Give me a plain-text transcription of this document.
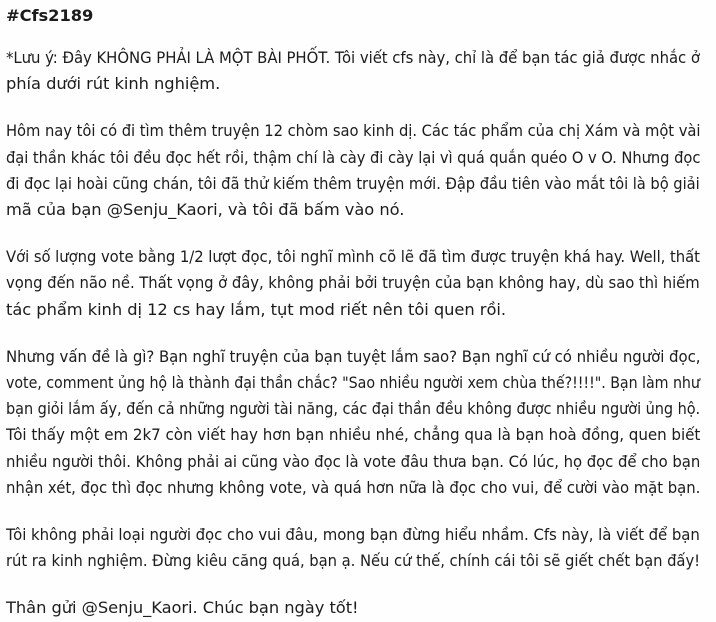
#Cfs2189
*Lưu ý: Đây KHÔNG PHẢI LÀ MỘT BÀI PHỐT. Tôi viết cfs này, chỉ là để bạn tác giả được nhắc ở
phía dưới rút kinh nghiệm.
Hôm nay tôi có đi tìm thêm truyện 12 chòm sao kinh dị. Các tác phẩm của chị Xám và một vài
đại thần khác tôi đều đọc hết rồi, thậm chí là cày đi cày lại vì quá quắn quéo O v O. Nhưng đọc
đi đọc lại hoài cũng chán, tôi đã thử kiếm thêm truyện mới. Đập đầu tiên vào mắt tôi là bộ giải
mã của bạn @Senju_Kaori, và tôi đã bấm vào nó.
Với số lượng vote bằng 1/2 lượt đọc, tôi nghĩ mình cõ lẽ đã tìm được truyện khá hay. Well, thất
vọng đến não nề. Thất vọng ở đây, không phải bởi truyện của bạn không hay, dù sao thì hiếm
tác phẩm kinh dị 12 cs hay lắm, tụt mod riết nên tôi quen rồi.
Nhưng vấn đề là gì? Bạn nghĩ truyện của bạn tuyệt lắm sao? Bạn nghĩ cứ có nhiều người đọc,
vote, comment ủng hộ là thành đại thần chắc? "Sao nhiều người xem chùa thế?!!!!". Bạn làm như
bạn giỏi lắm ấy, đến cả những người tài năng, các đại thần đều không được nhiều người ủng hộ.
Tôi thấy một em 2k7 còn viết hay hơn bạn nhiều nhé, chẳng qua là bạn hoà đồng, quen biết
nhiều người thôi. Không phải ai cũng vào đọc là vote đâu thưa bạn. Có lúc, họ đọc để cho bạn
nhận xét, đọc thì đọc nhưng không vote, và quá hơn nữa là đọc cho vui, để cười vào mặt bạn.
Tôi không phải loại người đọc cho vui đâu, mong bạn đừng hiểu nhầm. Cfs này, là viết để bạn
rút ra kinh nghiệm. Đừng kiêu căng quá, bạn ạ. Nếu cứ thế, chính cái tôi sẽ giết chết bạn đấy!
Thân gửi @Senju_Kaori. Chúc bạn ngày tốt!
